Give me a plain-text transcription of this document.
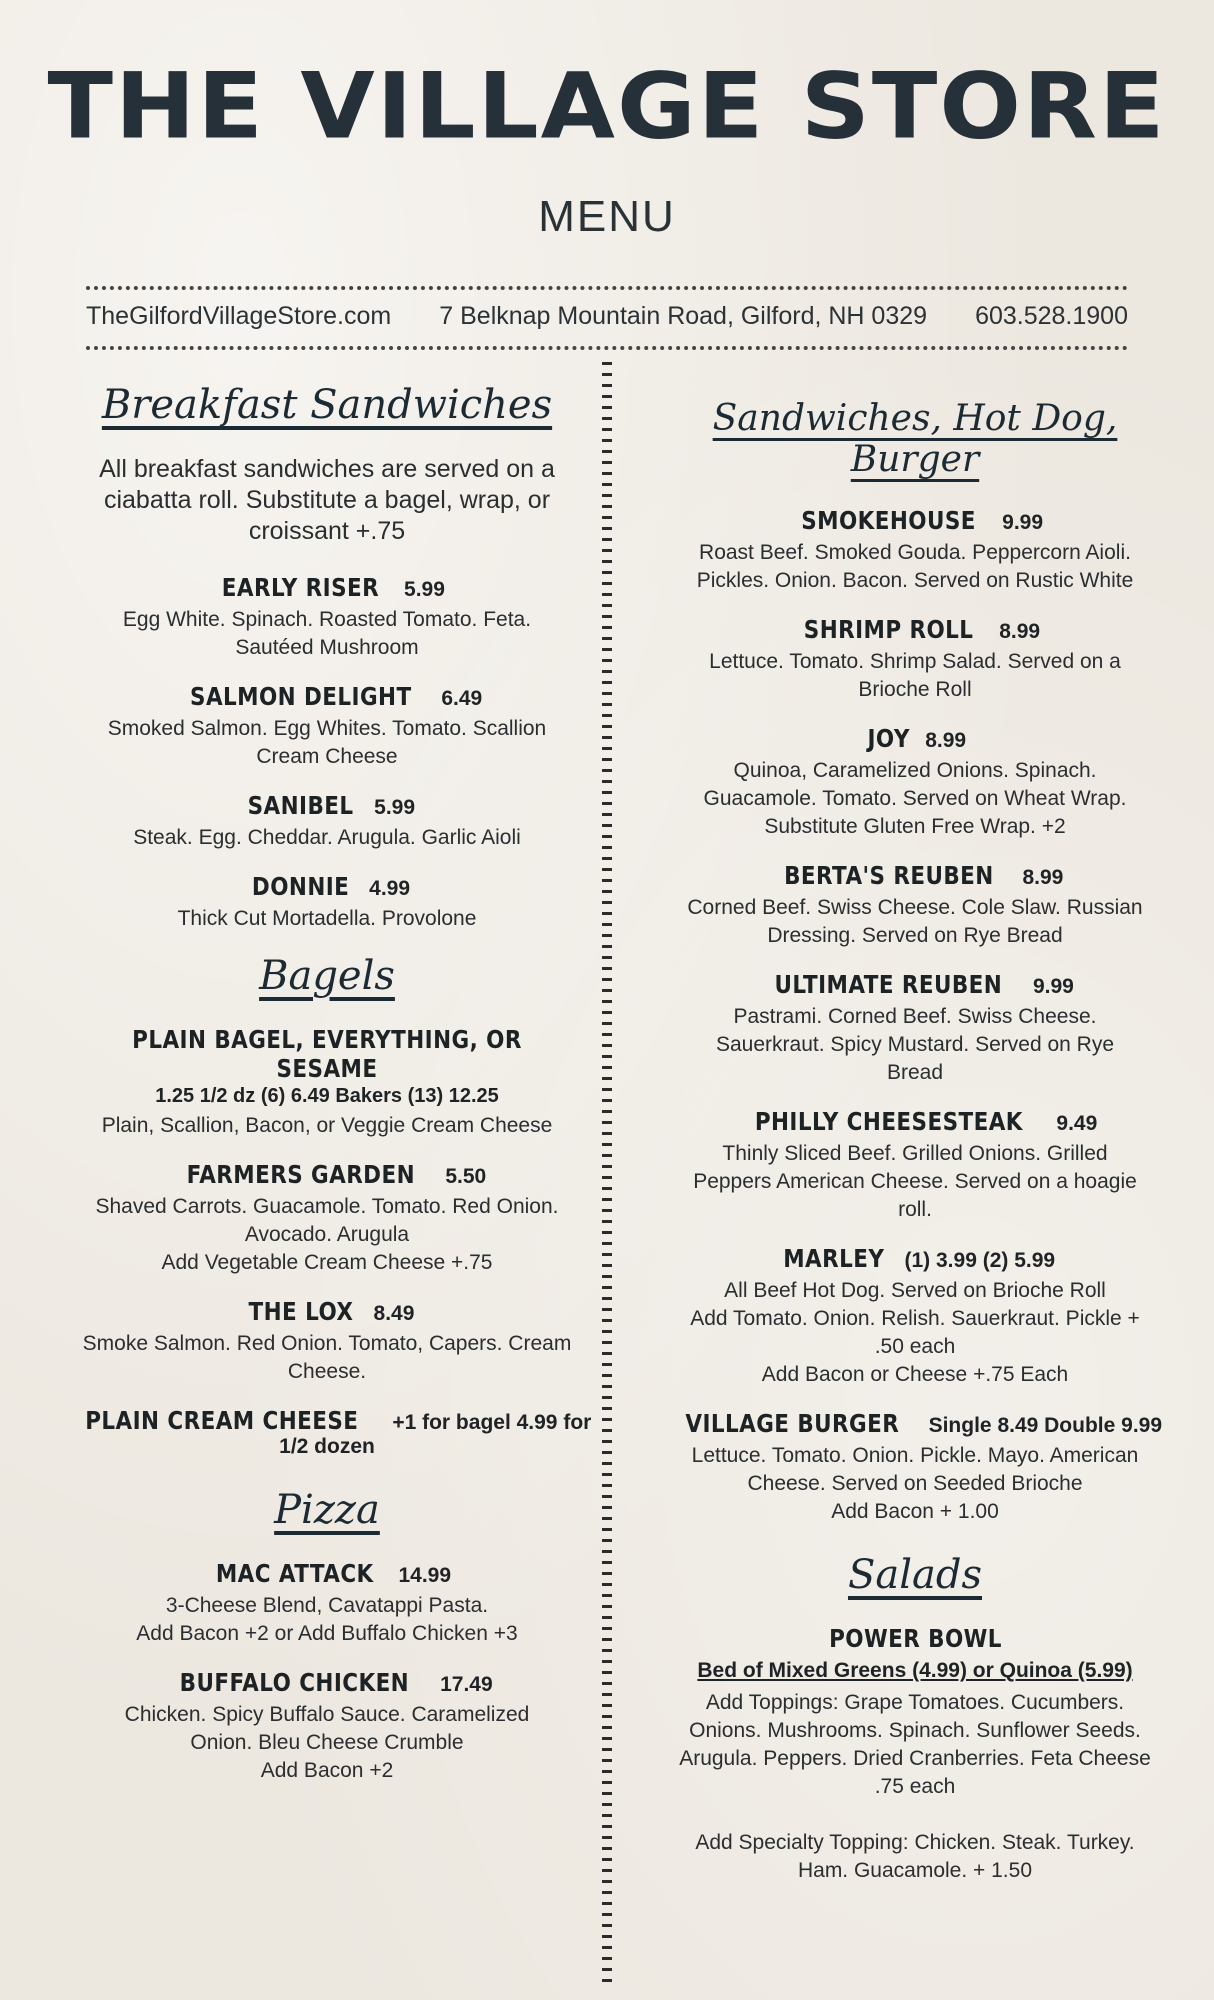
THE VILLAGE STORE
MENU
TheGilfordVillageStore.com 7 Belknap Mountain Road, Gilford, NH 0329 603.528.1900
Breakfast Sandwiches
All breakfast sandwiches are served on a ciabatta roll. Substitute a bagel, wrap, or croissant +.75
EARLY RISER 5.99
Egg White. Spinach. Roasted Tomato. Feta.
Sautéed Mushroom
SALMON DELIGHT 6.49
Smoked Salmon. Egg Whites. Tomato. Scallion
Cream Cheese
SANIBEL 5.99
Steak. Egg. Cheddar. Arugula. Garlic Aioli
DONNIE 4.99
Thick Cut Mortadella. Provolone
Bagels
PLAIN BAGEL, EVERYTHING, OR SESAME
1.25 1/2 dz (6) 6.49 Bakers (13) 12.25
Plain, Scallion, Bacon, or Veggie Cream Cheese
FARMERS GARDEN 5.50
Shaved Carrots. Guacamole. Tomato. Red Onion.
Avocado. Arugula
Add Vegetable Cream Cheese +.75
THE LOX 8.49
Smoke Salmon. Red Onion. Tomato, Capers. Cream
Cheese.
PLAIN CREAM CHEESE +1 for bagel 4.99 for 1/2 dozen
Pizza
MAC ATTACK 14.99
3-Cheese Blend, Cavatappi Pasta.
Add Bacon +2 or Add Buffalo Chicken +3
BUFFALO CHICKEN 17.49
Chicken. Spicy Buffalo Sauce. Caramelized
Onion. Bleu Cheese Crumble
Add Bacon +2
Sandwiches, Hot Dog, Burger
SMOKEHOUSE 9.99
Roast Beef. Smoked Gouda. Peppercorn Aioli.
Pickles. Onion. Bacon. Served on Rustic White
SHRIMP ROLL 8.99
Lettuce. Tomato. Shrimp Salad. Served on a
Brioche Roll
JOY 8.99
Quinoa, Caramelized Onions. Spinach.
Guacamole. Tomato. Served on Wheat Wrap.
Substitute Gluten Free Wrap. +2
BERTA'S REUBEN 8.99
Corned Beef. Swiss Cheese. Cole Slaw. Russian
Dressing. Served on Rye Bread
ULTIMATE REUBEN 9.99
Pastrami. Corned Beef. Swiss Cheese.
Sauerkraut. Spicy Mustard. Served on Rye
Bread
PHILLY CHEESESTEAK 9.49
Thinly Sliced Beef. Grilled Onions. Grilled
Peppers American Cheese. Served on a hoagie
roll.
MARLEY (1) 3.99 (2) 5.99
All Beef Hot Dog. Served on Brioche Roll
Add Tomato. Onion. Relish. Sauerkraut. Pickle +
.50 each
Add Bacon or Cheese +.75 Each
VILLAGE BURGER Single 8.49 Double 9.99
Lettuce. Tomato. Onion. Pickle. Mayo. American
Cheese. Served on Seeded Brioche
Add Bacon + 1.00
Salads
POWER BOWL
Bed of Mixed Greens (4.99) or Quinoa (5.99)
Add Toppings: Grape Tomatoes. Cucumbers.
Onions. Mushrooms. Spinach. Sunflower Seeds.
Arugula. Peppers. Dried Cranberries. Feta Cheese
.75 each

Add Specialty Topping: Chicken. Steak. Turkey.
Ham. Guacamole. + 1.50
